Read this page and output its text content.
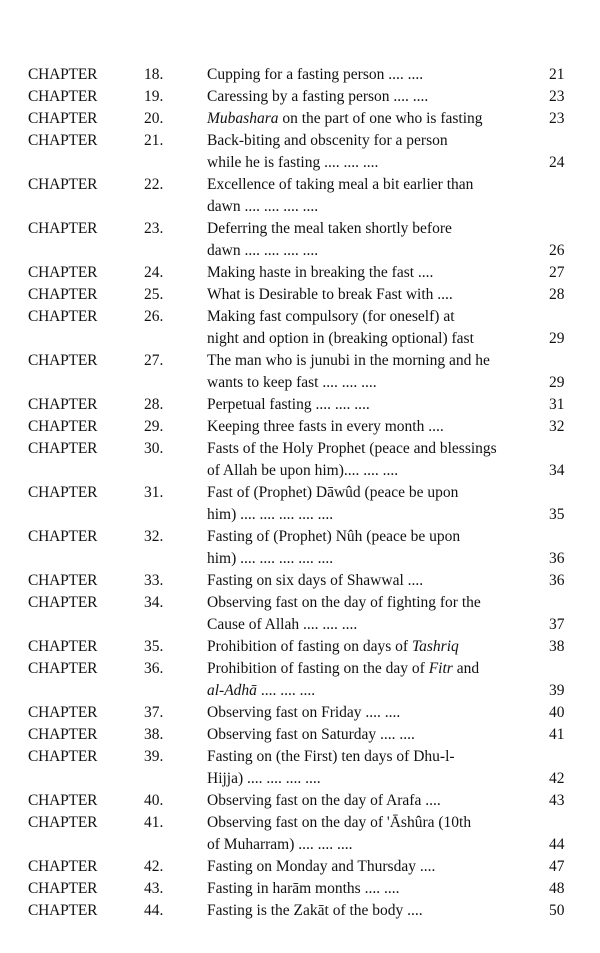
CHAPTER	18.	Cupping for a fasting person .... ....	21
CHAPTER	19.	Caressing by a fasting person .... ....	23
CHAPTER	20.	Mubashara on the part of one who is fasting	23
CHAPTER	21.	Back-biting and obscenity for a person
while he is fasting .... .... ....	24
CHAPTER	22.	Excellence of taking meal a bit earlier than
dawn .... .... .... ....
CHAPTER	23.	Deferring the meal taken shortly before
dawn .... .... .... ....	26
CHAPTER	24.	Making haste in breaking the fast ....	27
CHAPTER	25.	What is Desirable to break Fast with ....	28
CHAPTER	26.	Making fast compulsory (for oneself) at
night and option in (breaking optional) fast	29
CHAPTER	27.	The man who is junubi in the morning and he
wants to keep fast .... .... ....	29
CHAPTER	28.	Perpetual fasting .... .... ....	31
CHAPTER	29.	Keeping three fasts in every month ....	32
CHAPTER	30.	Fasts of the Holy Prophet (peace and blessings
of Allah be upon him).... .... ....	34
CHAPTER	31.	Fast of (Prophet) Dāwûd (peace be upon
him) .... .... .... .... ....	35
CHAPTER	32.	Fasting of (Prophet) Nûh (peace be upon
him) .... .... .... .... ....	36
CHAPTER	33.	Fasting on six days of Shawwal ....	36
CHAPTER	34.	Observing fast on the day of fighting for the
Cause of Allah .... .... ....	37
CHAPTER	35.	Prohibition of fasting on days of Tashriq	38
CHAPTER	36.	Prohibition of fasting on the day of Fitr and
al-Adhā .... .... ....	39
CHAPTER	37.	Observing fast on Friday .... ....	40
CHAPTER	38.	Observing fast on Saturday .... ....	41
CHAPTER	39.	Fasting on (the First) ten days of Dhu-l-
Hijja) .... .... .... ....	42
CHAPTER	40.	Observing fast on the day of Arafa ....	43
CHAPTER	41.	Observing fast on the day of 'Āshûra (10th
of Muharram) .... .... ....	44
CHAPTER	42.	Fasting on Monday and Thursday ....	47
CHAPTER	43.	Fasting in harām months .... ....	48
CHAPTER	44.	Fasting is the Zakāt of the body ....	50
